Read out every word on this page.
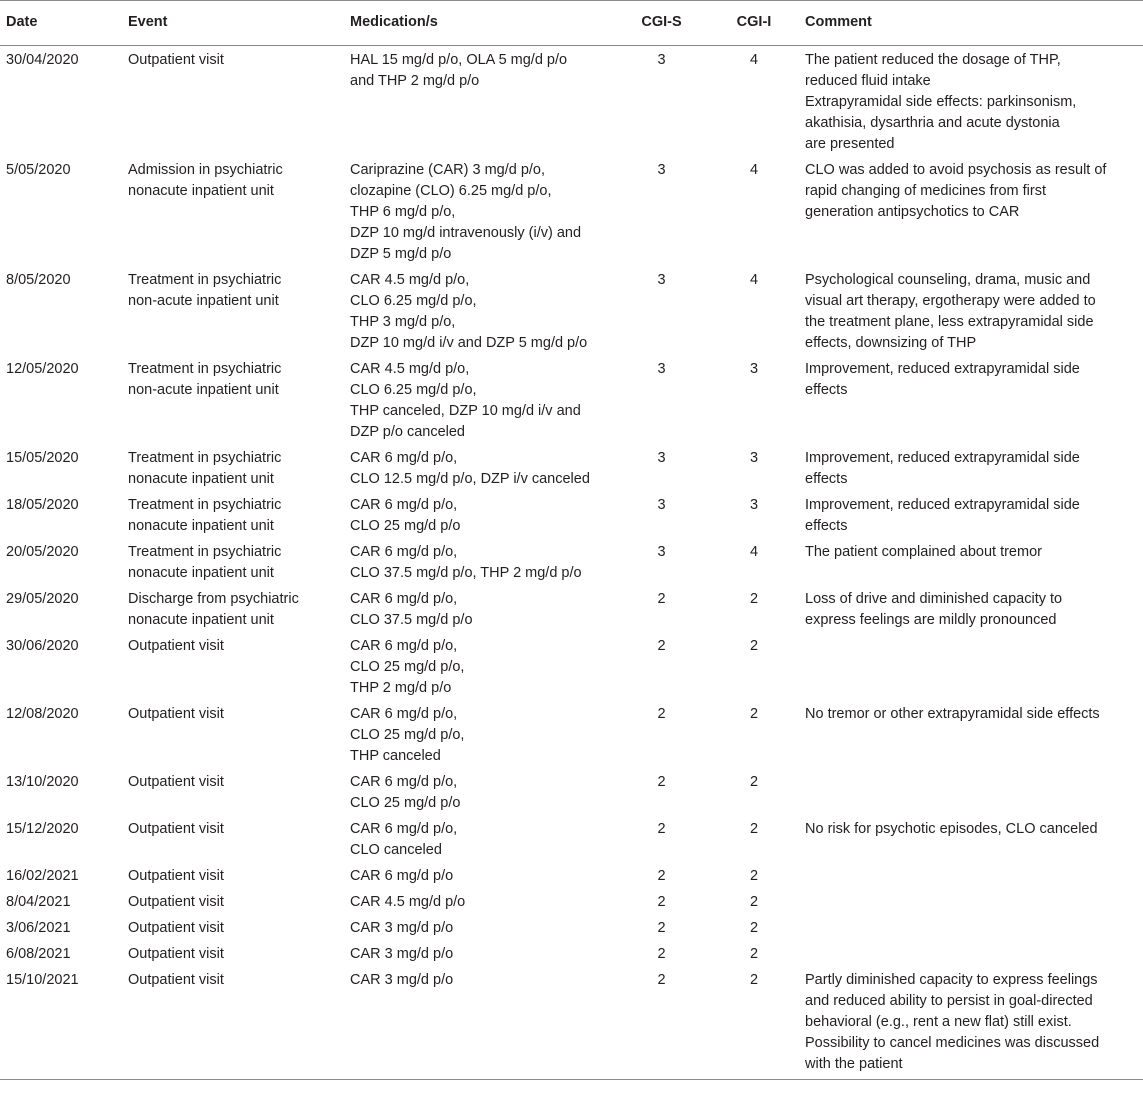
Date	Event	Medication/s	CGI-S	CGI-I	Comment
30/04/2020	Outpatient visit	HAL 15 mg/d p/o, OLA 5 mg/d p/o
and THP 2 mg/d p/o	3	4	The patient reduced the dosage of THP,
reduced fluid intake
Extrapyramidal side effects: parkinsonism,
akathisia, dysarthria and acute dystonia
are presented
5/05/2020	Admission in psychiatric
nonacute inpatient unit	Cariprazine (CAR) 3 mg/d p/o,
clozapine (CLO) 6.25 mg/d p/o,
THP 6 mg/d p/o,
DZP 10 mg/d intravenously (i/v) and
DZP 5 mg/d p/o	3	4	CLO was added to avoid psychosis as result of
rapid changing of medicines from first
generation antipsychotics to CAR
8/05/2020	Treatment in psychiatric
non-acute inpatient unit	CAR 4.5 mg/d p/o,
CLO 6.25 mg/d p/o,
THP 3 mg/d p/o,
DZP 10 mg/d i/v and DZP 5 mg/d p/o	3	4	Psychological counseling, drama, music and
visual art therapy, ergotherapy were added to
the treatment plane, less extrapyramidal side
effects, downsizing of THP
12/05/2020	Treatment in psychiatric
non-acute inpatient unit	CAR 4.5 mg/d p/o,
CLO 6.25 mg/d p/o,
THP canceled, DZP 10 mg/d i/v and
DZP p/o canceled	3	3	Improvement, reduced extrapyramidal side
effects
15/05/2020	Treatment in psychiatric
nonacute inpatient unit	CAR 6 mg/d p/o,
CLO 12.5 mg/d p/o, DZP i/v canceled	3	3	Improvement, reduced extrapyramidal side
effects
18/05/2020	Treatment in psychiatric
nonacute inpatient unit	CAR 6 mg/d p/o,
CLO 25 mg/d p/o	3	3	Improvement, reduced extrapyramidal side
effects
20/05/2020	Treatment in psychiatric
nonacute inpatient unit	CAR 6 mg/d p/o,
CLO 37.5 mg/d p/o, THP 2 mg/d p/o	3	4	The patient complained about tremor
29/05/2020	Discharge from psychiatric
nonacute inpatient unit	CAR 6 mg/d p/o,
CLO 37.5 mg/d p/o	2	2	Loss of drive and diminished capacity to
express feelings are mildly pronounced
30/06/2020	Outpatient visit	CAR 6 mg/d p/o,
CLO 25 mg/d p/o,
THP 2 mg/d p/o	2	2	
12/08/2020	Outpatient visit	CAR 6 mg/d p/o,
CLO 25 mg/d p/o,
THP canceled	2	2	No tremor or other extrapyramidal side effects
13/10/2020	Outpatient visit	CAR 6 mg/d p/o,
CLO 25 mg/d p/o	2	2	
15/12/2020	Outpatient visit	CAR 6 mg/d p/o,
CLO canceled	2	2	No risk for psychotic episodes, CLO canceled
16/02/2021	Outpatient visit	CAR 6 mg/d p/o	2	2	
8/04/2021	Outpatient visit	CAR 4.5 mg/d p/o	2	2	
3/06/2021	Outpatient visit	CAR 3 mg/d p/o	2	2	
6/08/2021	Outpatient visit	CAR 3 mg/d p/o	2	2	
15/10/2021	Outpatient visit	CAR 3 mg/d p/o	2	2	Partly diminished capacity to express feelings
and reduced ability to persist in goal-directed
behavioral (e.g., rent a new flat) still exist.
Possibility to cancel medicines was discussed
with the patient
